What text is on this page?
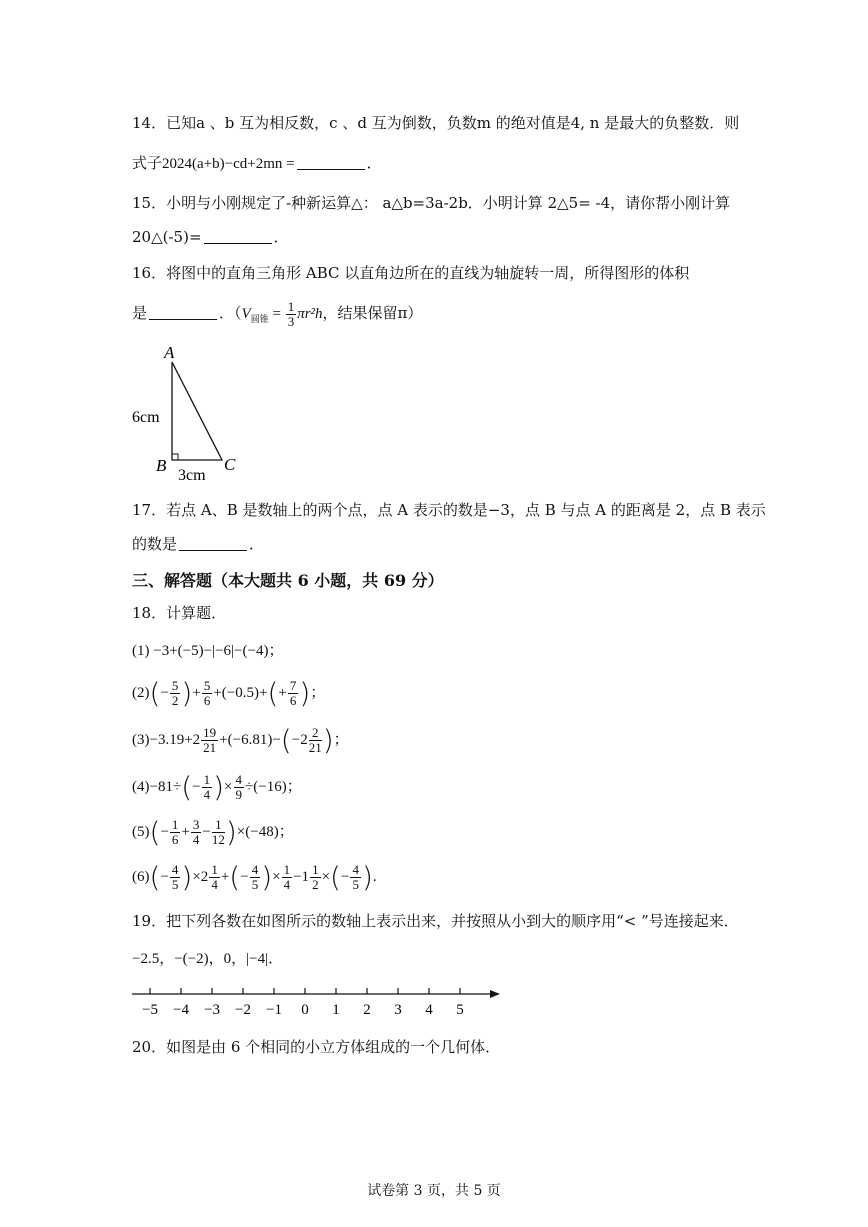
14．已知a 、b 互为相反数，c 、d 互为倒数，负数m 的绝对值是4, n 是最大的负整数．则
式子2024(a+b)−cd+2mn =	．
15．小明与小刚规定了-种新运算△： a△b=3a-2b．小明计算 2△5= -4，请你帮小刚计算
20△(-5)=	．
16．将图中的直角三角形 ABC 以直角边所在的直线为轴旋转一周，所得图形的体积
是	．（$V_{圆锥} = \frac{1}{3} \pi r^2h$，结果保留π）
A
B	C
6cm
3cm
17．若点 A、B 是数轴上的两个点，点 A 表示的数是−3，点 B 与点 A 的距离是 2，点 B 表示
的数是	．
三、解答题（本大题共 6 小题，共 69 分）
18．计算题．
(1) −3+(−5)−|−6|−(−4)；
$(2)(- \frac{5}{2}$ )+ $\frac{5}{6} +(-0.5)+(+ \frac{7}{6}$ )；
$(3)-3.19+2 \frac{19}{21} +(-6.81)-(-2 \frac{2}{21}$ )；
$(4)-81\div(- \frac{1}{4}$ )× $\frac{4}{9} \div(-16)$；
$(5)(- \frac{1}{6} + \frac{3}{4} - \frac{1}{12} )\times(-48)$；
$(6)(- \frac{4}{5} )\times 2 \frac{1}{4}$ +(− $\frac{4}{5}$ )× $\frac{1}{4} -1 \frac{1}{2}$ ×(− $\frac{4}{5}$ ).
19．把下列各数在如图所示的数轴上表示出来，并按照从小到大的顺序用“< ”号连接起来．
−2.5，−(−2)，0，|−4|．
−5 −4 −3 −2 −1 0 1 2 3 4 5
20．如图是由 6 个相同的小立方体组成的一个几何体．
试卷第 3 页，共 5 页
